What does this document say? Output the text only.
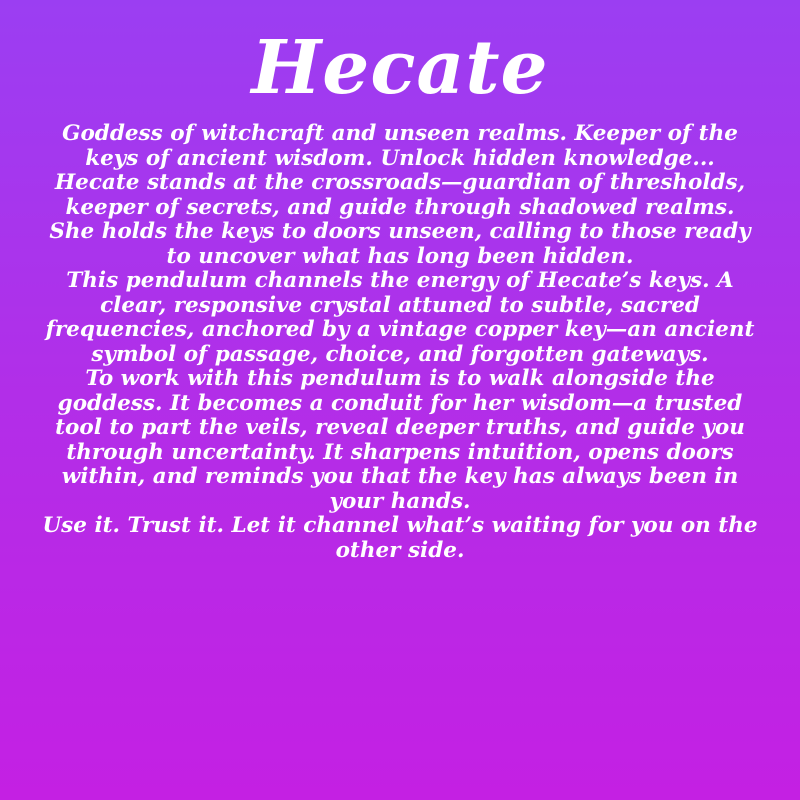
Hecate

Goddess of witchcraft and unseen realms. Keeper of the keys of ancient wisdom. Unlock hidden knowledge...

Hecate stands at the crossroads—guardian of thresholds, keeper of secrets, and guide through shadowed realms. She holds the keys to doors unseen, calling to those ready to uncover what has long been hidden.

This pendulum channels the energy of Hecate’s keys. A clear, responsive crystal attuned to subtle, sacred frequencies, anchored by a vintage copper key—an ancient symbol of passage, choice, and forgotten gateways.

To work with this pendulum is to walk alongside the goddess. It becomes a conduit for her wisdom—a trusted tool to part the veils, reveal deeper truths, and guide you through uncertainty. It sharpens intuition, opens doors within, and reminds you that the key has always been in your hands.

Use it. Trust it. Let it channel what’s waiting for you on the other side.
